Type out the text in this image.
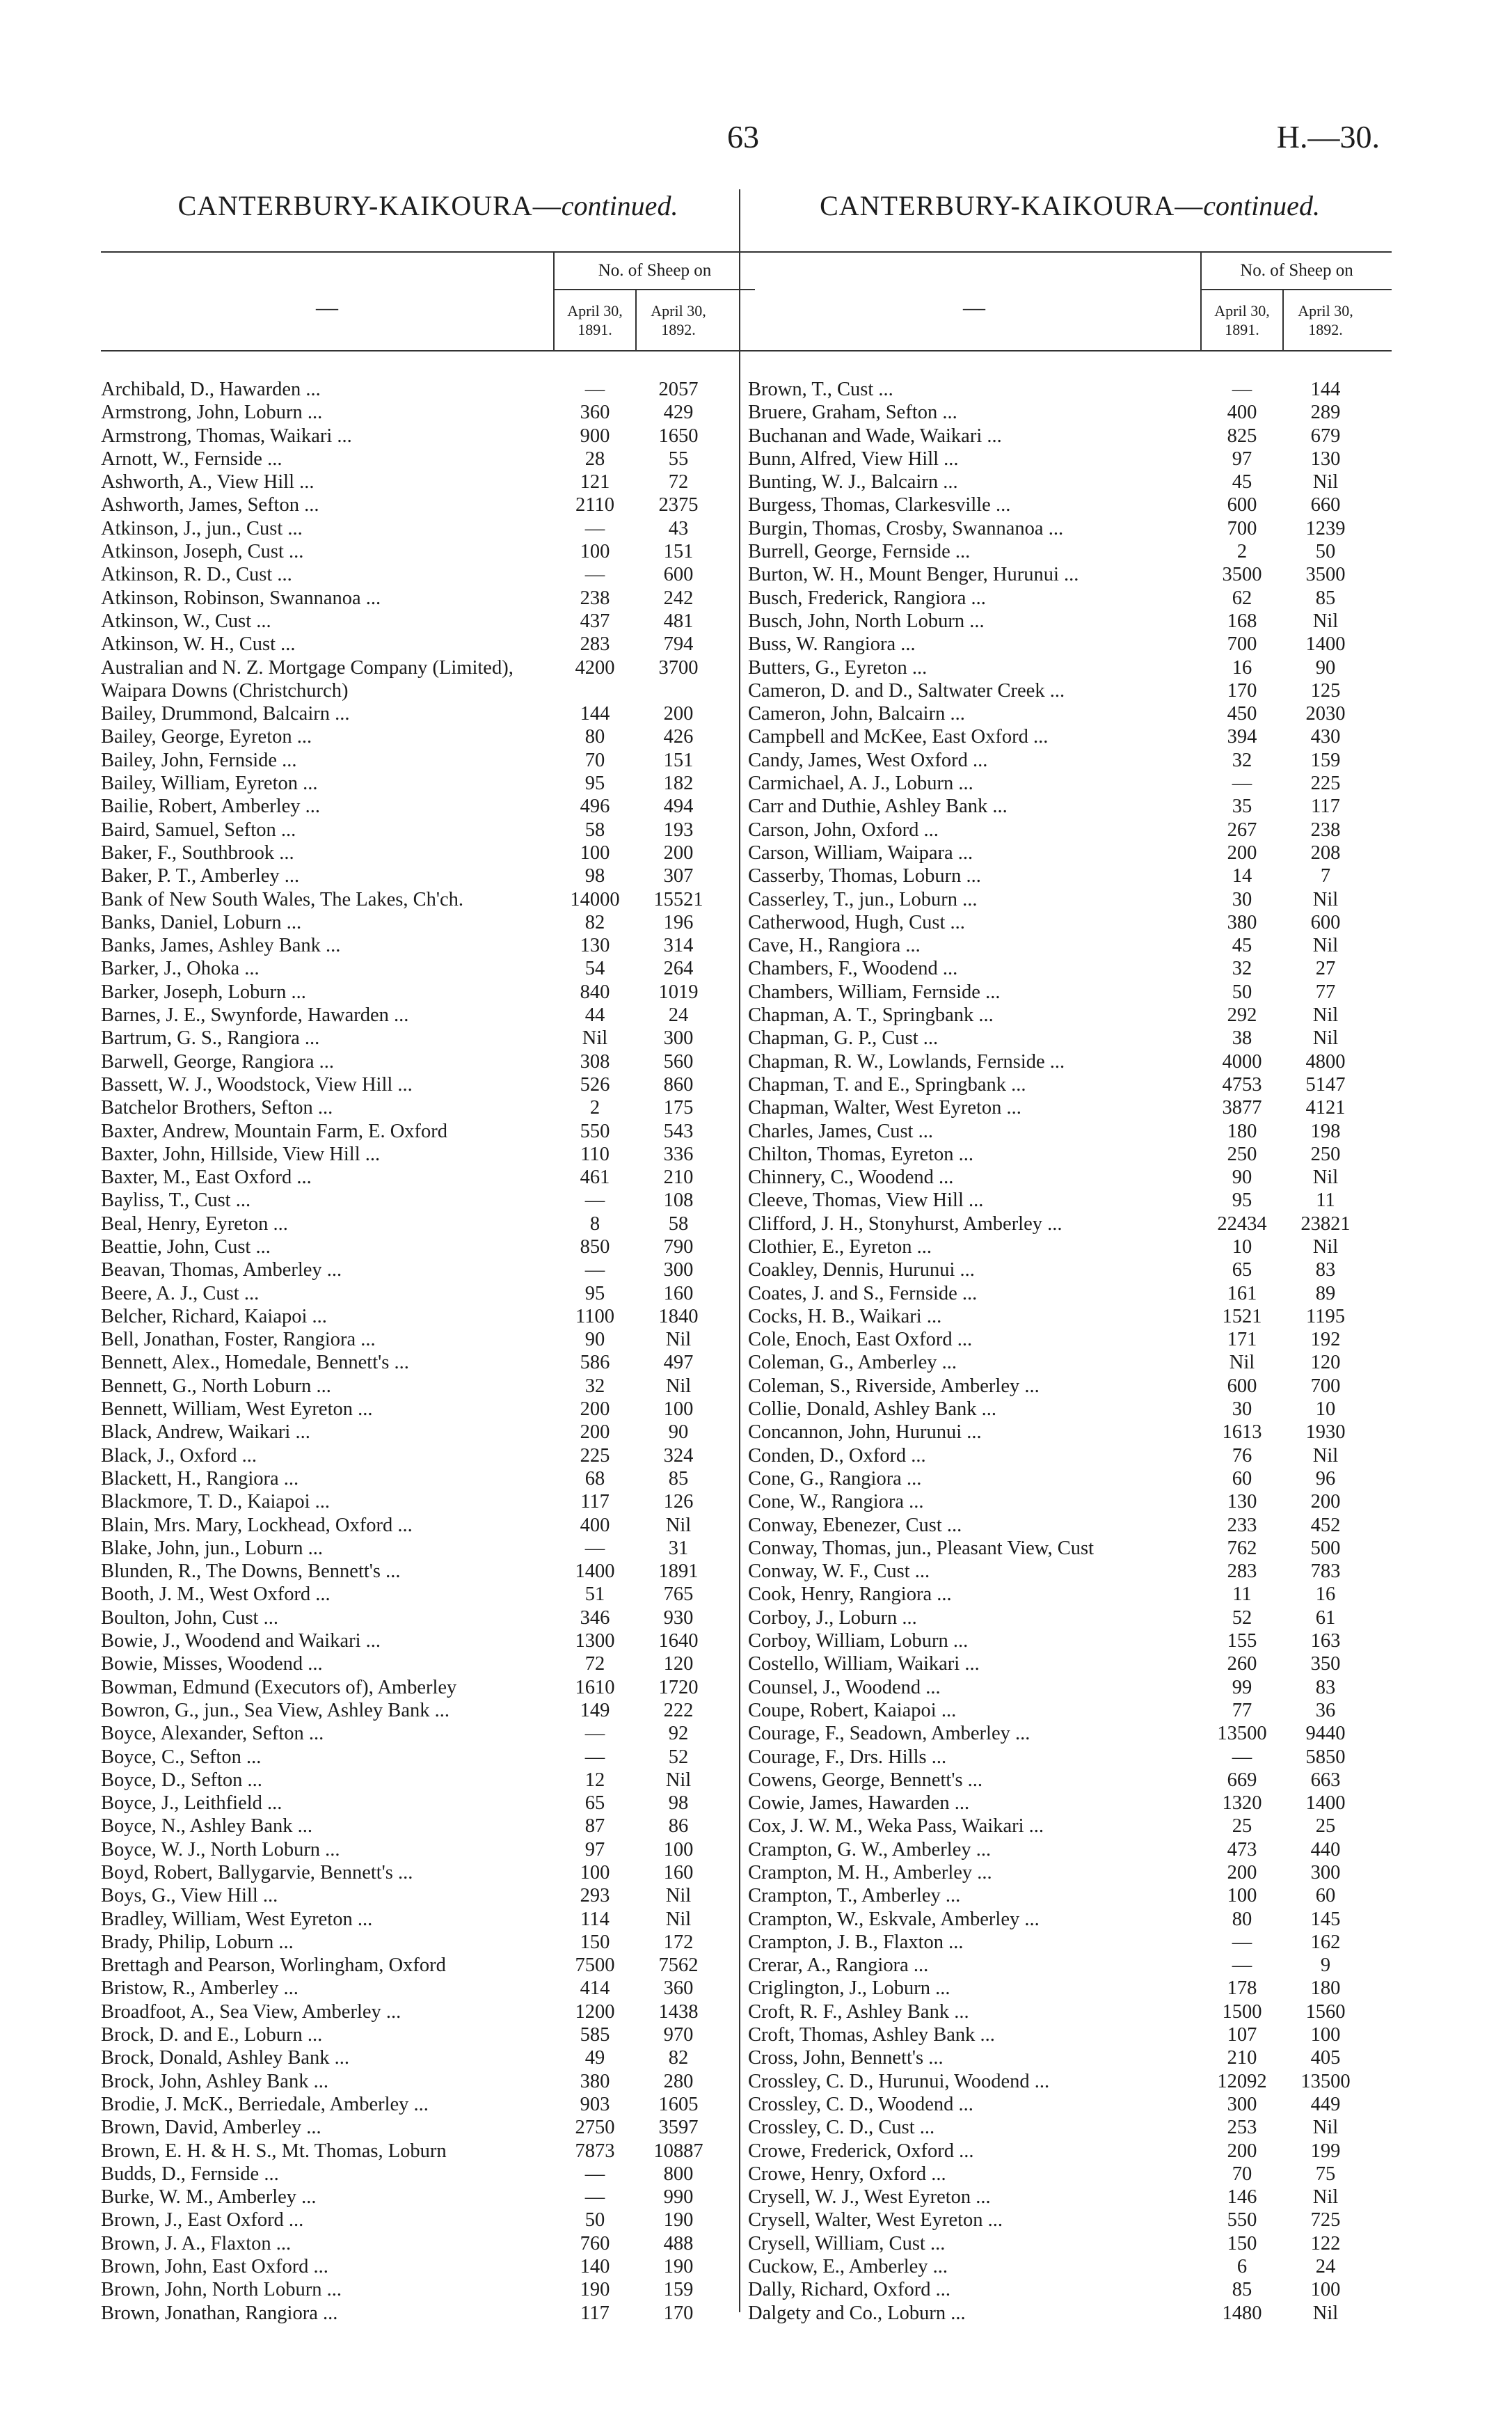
63	H.—30.
CANTERBURY-KAIKOURA—continued.
—
No. of Sheep on
April 30, 1891.
April 30, 1892.
Archibald, D., Hawarden ...	—	2057
Armstrong, John, Loburn ...	360	429
Armstrong, Thomas, Waikari ...	900	1650
Arnott, W., Fernside ...	28	55
Ashworth, A., View Hill ...	121	72
Ashworth, James, Sefton ...	2110	2375
Atkinson, J., jun., Cust ...	—	43
Atkinson, Joseph, Cust ...	100	151
Atkinson, R. D., Cust ...	—	600
Atkinson, Robinson, Swannanoa ...	238	242
Atkinson, W., Cust ...	437	481
Atkinson, W. H., Cust ...	283	794
Australian and N. Z. Mortgage Company (Limited), Waipara Downs (Christchurch)
4200	3700
Bailey, Drummond, Balcairn ...	144	200
Bailey, George, Eyreton ...	80	426
Bailey, John, Fernside ...	70	151
Bailey, William, Eyreton ...	95	182
Bailie, Robert, Amberley ...	496	494
Baird, Samuel, Sefton ...	58	193
Baker, F., Southbrook ...	100	200
Baker, P. T., Amberley ...	98	307
Bank of New South Wales, The Lakes, Ch'ch.	14000	15521
Banks, Daniel, Loburn ...	82	196
Banks, James, Ashley Bank ...	130	314
Barker, J., Ohoka ...	54	264
Barker, Joseph, Loburn ...	840	1019
Barnes, J. E., Swynforde, Hawarden ...	44	24
Bartrum, G. S., Rangiora ...	Nil	300
Barwell, George, Rangiora ...	308	560
Bassett, W. J., Woodstock, View Hill ...	526	860
Batchelor Brothers, Sefton ...	2	175
Baxter, Andrew, Mountain Farm, E. Oxford	550	543
Baxter, John, Hillside, View Hill ...	110	336
Baxter, M., East Oxford ...	461	210
Bayliss, T., Cust ...	—	108
Beal, Henry, Eyreton ...	8	58
Beattie, John, Cust ...	850	790
Beavan, Thomas, Amberley ...	—	300
Beere, A. J., Cust ...	95	160
Belcher, Richard, Kaiapoi ...	1100	1840
Bell, Jonathan, Foster, Rangiora ...	90	Nil
Bennett, Alex., Homedale, Bennett's ...	586	497
Bennett, G., North Loburn ...	32	Nil
Bennett, William, West Eyreton ...	200	100
Black, Andrew, Waikari ...	200	90
Black, J., Oxford ...	225	324
Blackett, H., Rangiora ...	68	85
Blackmore, T. D., Kaiapoi ...	117	126
Blain, Mrs. Mary, Lockhead, Oxford ...	400	Nil
Blake, John, jun., Loburn ...	—	31
Blunden, R., The Downs, Bennett's ...	1400	1891
Booth, J. M., West Oxford ...	51	765
Boulton, John, Cust ...	346	930
Bowie, J., Woodend and Waikari ...	1300	1640
Bowie, Misses, Woodend ...	72	120
Bowman, Edmund (Executors of), Amberley	1610	1720
Bowron, G., jun., Sea View, Ashley Bank ...	149	222
Boyce, Alexander, Sefton ...	—	92
Boyce, C., Sefton ...	—	52
Boyce, D., Sefton ...	12	Nil
Boyce, J., Leithfield ...	65	98
Boyce, N., Ashley Bank ...	87	86
Boyce, W. J., North Loburn ...	97	100
Boyd, Robert, Ballygarvie, Bennett's ...	100	160
Boys, G., View Hill ...	293	Nil
Bradley, William, West Eyreton ...	114	Nil
Brady, Philip, Loburn ...	150	172
Brettagh and Pearson, Worlingham, Oxford	7500	7562
Bristow, R., Amberley ...	414	360
Broadfoot, A., Sea View, Amberley ...	1200	1438
Brock, D. and E., Loburn ...	585	970
Brock, Donald, Ashley Bank ...	49	82
Brock, John, Ashley Bank ...	380	280
Brodie, J. McK., Berriedale, Amberley ...	903	1605
Brown, David, Amberley ...	2750	3597
Brown, E. H. & H. S., Mt. Thomas, Loburn	7873	10887
Budds, D., Fernside ...	—	800
Burke, W. M., Amberley ...	—	990
Brown, J., East Oxford ...	50	190
Brown, J. A., Flaxton ...	760	488
Brown, John, East Oxford ...	140	190
Brown, John, North Loburn ...	190	159
Brown, Jonathan, Rangiora ...	117	170
CANTERBURY-KAIKOURA—continued.
—
No. of Sheep on
April 30, 1891.
April 30, 1892.
Brown, T., Cust ...	—	144
Bruere, Graham, Sefton ...	400	289
Buchanan and Wade, Waikari ...	825	679
Bunn, Alfred, View Hill ...	97	130
Bunting, W. J., Balcairn ...	45	Nil
Burgess, Thomas, Clarkesville ...	600	660
Burgin, Thomas, Crosby, Swannanoa ...	700	1239
Burrell, George, Fernside ...	2	50
Burton, W. H., Mount Benger, Hurunui ...	3500	3500
Busch, Frederick, Rangiora ...	62	85
Busch, John, North Loburn ...	168	Nil
Buss, W. Rangiora ...	700	1400
Butters, G., Eyreton ...	16	90
Cameron, D. and D., Saltwater Creek ...	170	125
Cameron, John, Balcairn ...	450	2030
Campbell and McKee, East Oxford ...	394	430
Candy, James, West Oxford ...	32	159
Carmichael, A. J., Loburn ...	—	225
Carr and Duthie, Ashley Bank ...	35	117
Carson, John, Oxford ...	267	238
Carson, William, Waipara ...	200	208
Casserby, Thomas, Loburn ...	14	7
Casserley, T., jun., Loburn ...	30	Nil
Catherwood, Hugh, Cust ...	380	600
Cave, H., Rangiora ...	45	Nil
Chambers, F., Woodend ...	32	27
Chambers, William, Fernside ...	50	77
Chapman, A. T., Springbank ...	292	Nil
Chapman, G. P., Cust ...	38	Nil
Chapman, R. W., Lowlands, Fernside ...	4000	4800
Chapman, T. and E., Springbank ...	4753	5147
Chapman, Walter, West Eyreton ...	3877	4121
Charles, James, Cust ...	180	198
Chilton, Thomas, Eyreton ...	250	250
Chinnery, C., Woodend ...	90	Nil
Cleeve, Thomas, View Hill ...	95	11
Clifford, J. H., Stonyhurst, Amberley ...	22434	23821
Clothier, E., Eyreton ...	10	Nil
Coakley, Dennis, Hurunui ...	65	83
Coates, J. and S., Fernside ...	161	89
Cocks, H. B., Waikari ...	1521	1195
Cole, Enoch, East Oxford ...	171	192
Coleman, G., Amberley ...	Nil	120
Coleman, S., Riverside, Amberley ...	600	700
Collie, Donald, Ashley Bank ...	30	10
Concannon, John, Hurunui ...	1613	1930
Conden, D., Oxford ...	76	Nil
Cone, G., Rangiora ...	60	96
Cone, W., Rangiora ...	130	200
Conway, Ebenezer, Cust ...	233	452
Conway, Thomas, jun., Pleasant View, Cust	762	500
Conway, W. F., Cust ...	283	783
Cook, Henry, Rangiora ...	11	16
Corboy, J., Loburn ...	52	61
Corboy, William, Loburn ...	155	163
Costello, William, Waikari ...	260	350
Counsel, J., Woodend ...	99	83
Coupe, Robert, Kaiapoi ...	77	36
Courage, F., Seadown, Amberley ...	13500	9440
Courage, F., Drs. Hills ...	—	5850
Cowens, George, Bennett's ...	669	663
Cowie, James, Hawarden ...	1320	1400
Cox, J. W. M., Weka Pass, Waikari ...	25	25
Crampton, G. W., Amberley ...	473	440
Crampton, M. H., Amberley ...	200	300
Crampton, T., Amberley ...	100	60
Crampton, W., Eskvale, Amberley ...	80	145
Crampton, J. B., Flaxton ...	—	162
Crerar, A., Rangiora ...	—	9
Criglington, J., Loburn ...	178	180
Croft, R. F., Ashley Bank ...	1500	1560
Croft, Thomas, Ashley Bank ...	107	100
Cross, John, Bennett's ...	210	405
Crossley, C. D., Hurunui, Woodend ...	12092	13500
Crossley, C. D., Woodend ...	300	449
Crossley, C. D., Cust ...	253	Nil
Crowe, Frederick, Oxford ...	200	199
Crowe, Henry, Oxford ...	70	75
Crysell, W. J., West Eyreton ...	146	Nil
Crysell, Walter, West Eyreton ...	550	725
Crysell, William, Cust ...	150	122
Cuckow, E., Amberley ...	6	24
Dally, Richard, Oxford ...	85	100
Dalgety and Co., Loburn ...	1480	Nil
